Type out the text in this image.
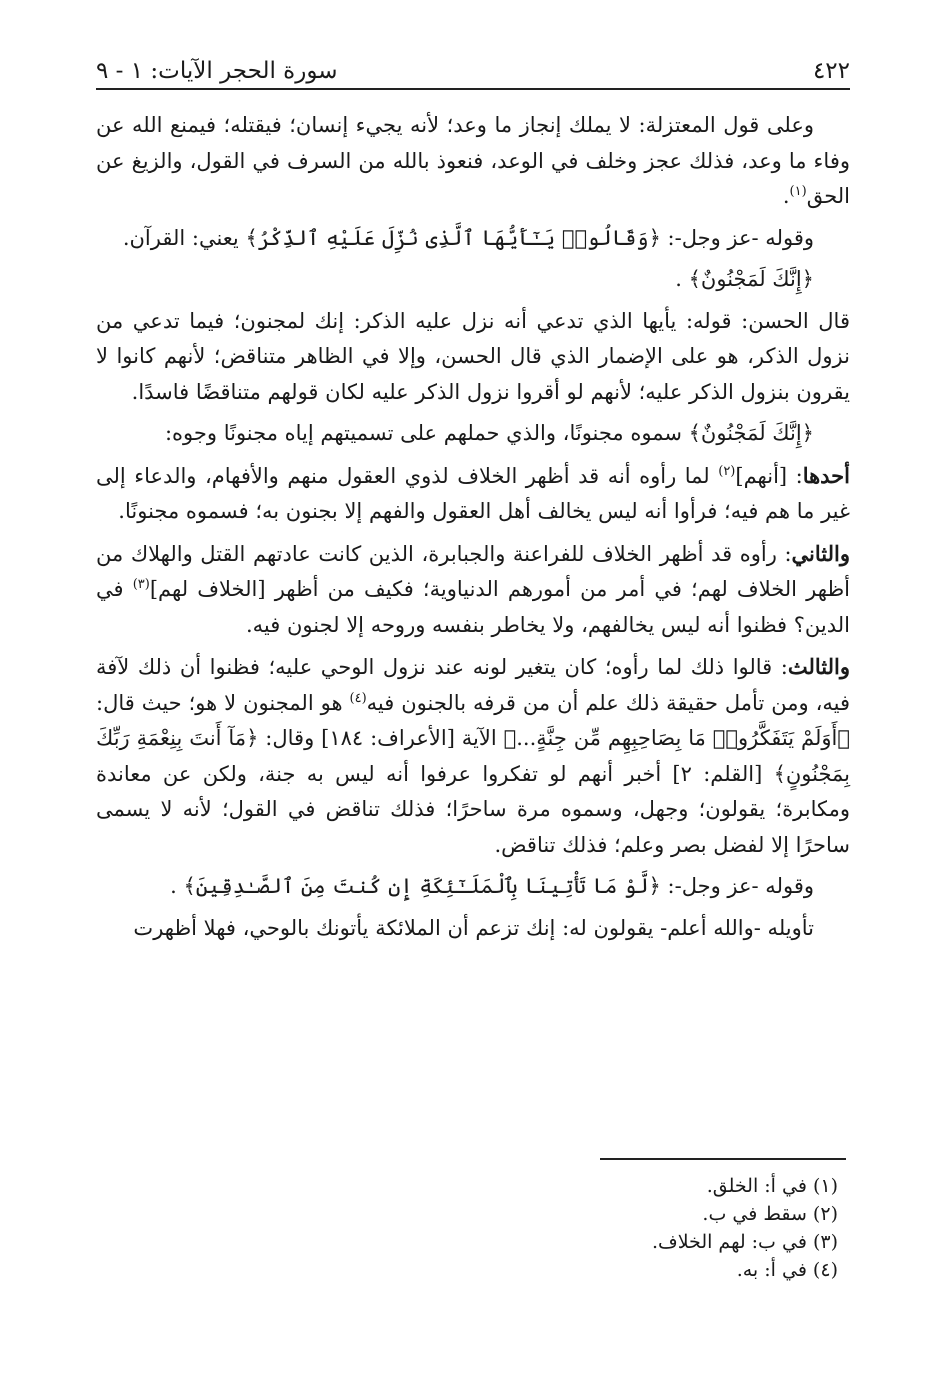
٤٢٢
سورة الحجر الآيات: ١ - ٩

وعلى قول المعتزلة: لا يملك إنجاز ما وعد؛ لأنه يجيء إنسان؛ فيقتله؛ فيمنع الله عن وفاء ما وعد، فذلك عجز وخلف في الوعد، فنعوذ بالله من السرف في القول، والزيغ عن الحق$^{(١)}$.

وقوله -عز وجل-: ﴿وَقَالُوا۟ يَـٰٓأَيُّهَا ٱلَّذِى نُزِّلَ عَلَيْهِ ٱلذِّكْرُ﴾ يعني: القرآن.

﴿إِنَّكَ لَمَجْنُونٌ﴾ .

قال الحسن: قوله: يأيها الذي تدعي أنه نزل عليه الذكر: إنك لمجنون؛ فيما تدعي من نزول الذكر، هو على الإضمار الذي قال الحسن، وإلا في الظاهر متناقض؛ لأنهم كانوا لا يقرون بنزول الذكر عليه؛ لأنهم لو أقروا نزول الذكر عليه لكان قولهم متناقضًا فاسدًا.

﴿إِنَّكَ لَمَجْنُونٌ﴾ سموه مجنونًا، والذي حملهم على تسميتهم إياه مجنونًا وجوه:

أحدها: [أنهم]$^{(٢)}$ لما رأوه أنه قد أظهر الخلاف لذوي العقول منهم والأفهام، والدعاء إلى غير ما هم فيه؛ فرأوا أنه ليس يخالف أهل العقول والفهم إلا بجنون به؛ فسموه مجنونًا.

والثاني: رأوه قد أظهر الخلاف للفراعنة والجبابرة، الذين كانت عادتهم القتل والهلاك من أظهر الخلاف لهم؛ في أمر من أمورهم الدنياوية؛ فكيف من أظهر [الخلاف لهم]$^{(٣)}$ في الدين؟ فظنوا أنه ليس يخالفهم، ولا يخاطر بنفسه وروحه إلا لجنون فيه.

والثالث: قالوا ذلك لما رأوه؛ كان يتغير لونه عند نزول الوحي عليه؛ فظنوا أن ذلك لآفة فيه، ومن تأمل حقيقة ذلك علم أن من قرفه بالجنون فيه$^{(٤)}$ هو المجنون لا هو؛ حيث قال: ﴿أَوَلَمْ يَتَفَكَّرُوا۟ مَا بِصَاحِبِهِم مِّن جِنَّةٍ...﴾ الآية [الأعراف: ١٨٤] وقال: ﴿مَآ أَنتَ بِنِعْمَةِ رَبِّكَ بِمَجْنُونٍ﴾ [القلم: ٢] أخبر أنهم لو تفكروا عرفوا أنه ليس به جنة، ولكن عن معاندة ومكابرة؛ يقولون؛ وجهل، وسموه مرة ساحرًا؛ فذلك تناقض في القول؛ لأنه لا يسمى ساحرًا إلا لفضل بصر وعلم؛ فذلك تناقض.

وقوله -عز وجل-: ﴿لَّوْ مَا تَأْتِينَا بِٱلْمَلَـٰٓئِكَةِ إِن كُنتَ مِنَ ٱلصَّـٰدِقِينَ﴾ .

تأويله -والله أعلم- يقولون له: إنك تزعم أن الملائكة يأتونك بالوحي، فهلا أظهرت

(١) في أ: الخلق.
(٢) سقط في ب.
(٣) في ب: لهم الخلاف.
(٤) في أ: به.
